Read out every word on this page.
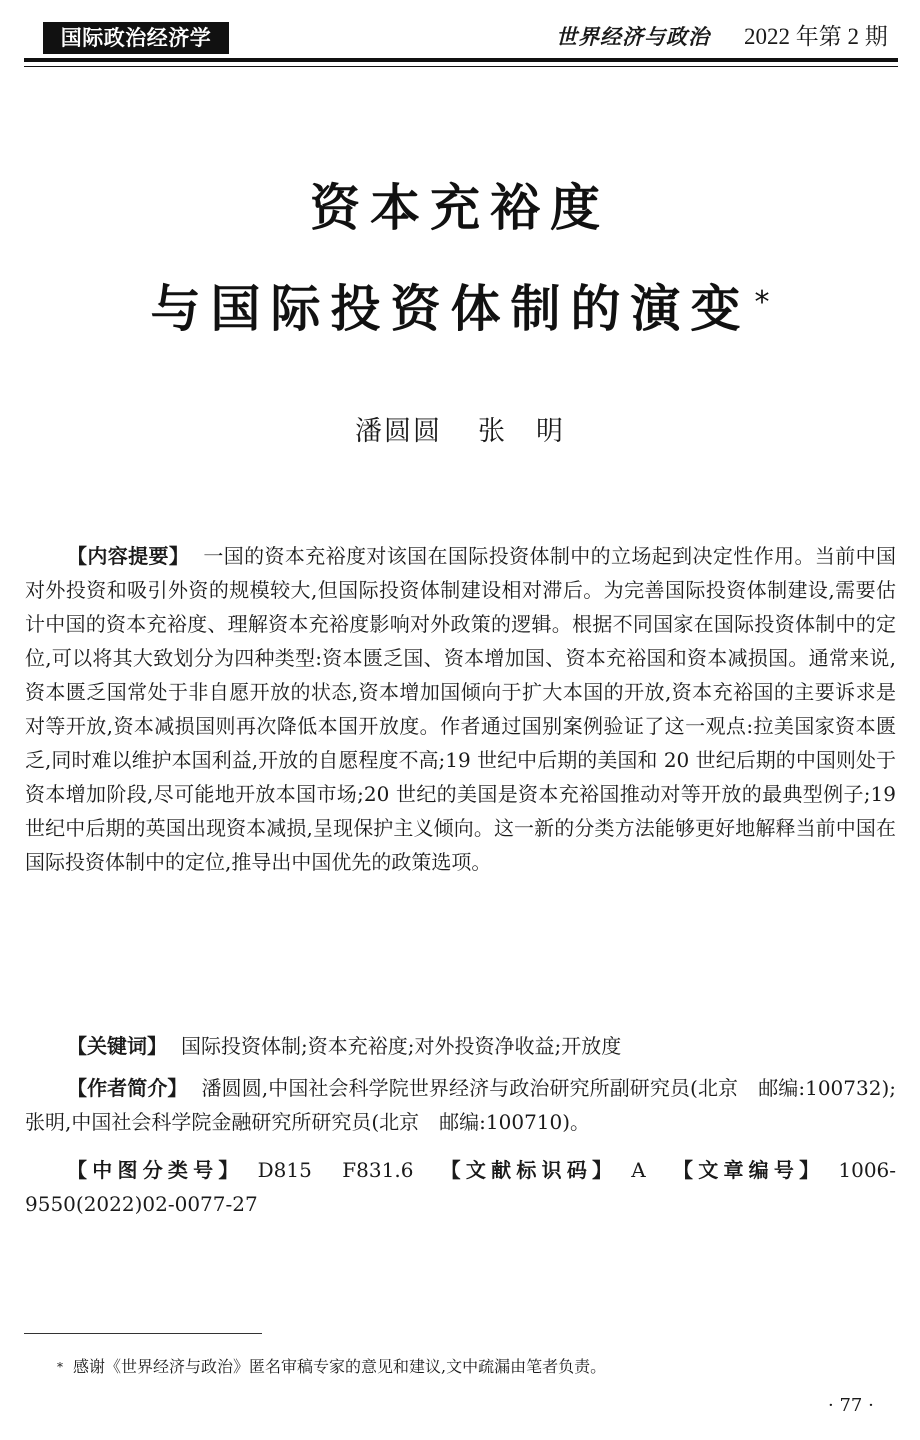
国际政治经济学	世界经济与政治 2022 年第 2 期
资本充裕度
与国际投资体制的演变 *
潘圆圆 张　明
【内容提要】 一国的资本充裕度对该国在国际投资体制中的立场起到决定性作用。当前中国对外投资和吸引外资的规模较大,但国际投资体制建设相对滞后。为完善国际投资体制建设,需要估计中国的资本充裕度、理解资本充裕度影响对外政策的逻辑。根据不同国家在国际投资体制中的定位,可以将其大致划分为四种类型:资本匮乏国、资本增加国、资本充裕国和资本减损国。通常来说,资本匮乏国常处于非自愿开放的状态,资本增加国倾向于扩大本国的开放,资本充裕国的主要诉求是对等开放,资本减损国则再次降低本国开放度。作者通过国别案例验证了这一观点:拉美国家资本匮乏,同时难以维护本国利益,开放的自愿程度不高;19 世纪中后期的美国和 20 世纪后期的中国则处于资本增加阶段,尽可能地开放本国市场;20 世纪的美国是资本充裕国推动对等开放的最典型例子;19 世纪中后期的英国出现资本减损,呈现保护主义倾向。这一新的分类方法能够更好地解释当前中国在国际投资体制中的定位,推导出中国优先的政策选项。
【关键词】 国际投资体制;资本充裕度;对外投资净收益;开放度
【作者简介】 潘圆圆,中国社会科学院世界经济与政治研究所副研究员(北京　邮编:100732);张明,中国社会科学院金融研究所研究员(北京　邮编:100710)。
【中图分类号】 D815　F831.6 【文献标识码】 A 【文章编号】 1006-9550(2022)02-0077-27
* 感谢《世界经济与政治》匿名审稿专家的意见和建议,文中疏漏由笔者负责。
· 77 ·
